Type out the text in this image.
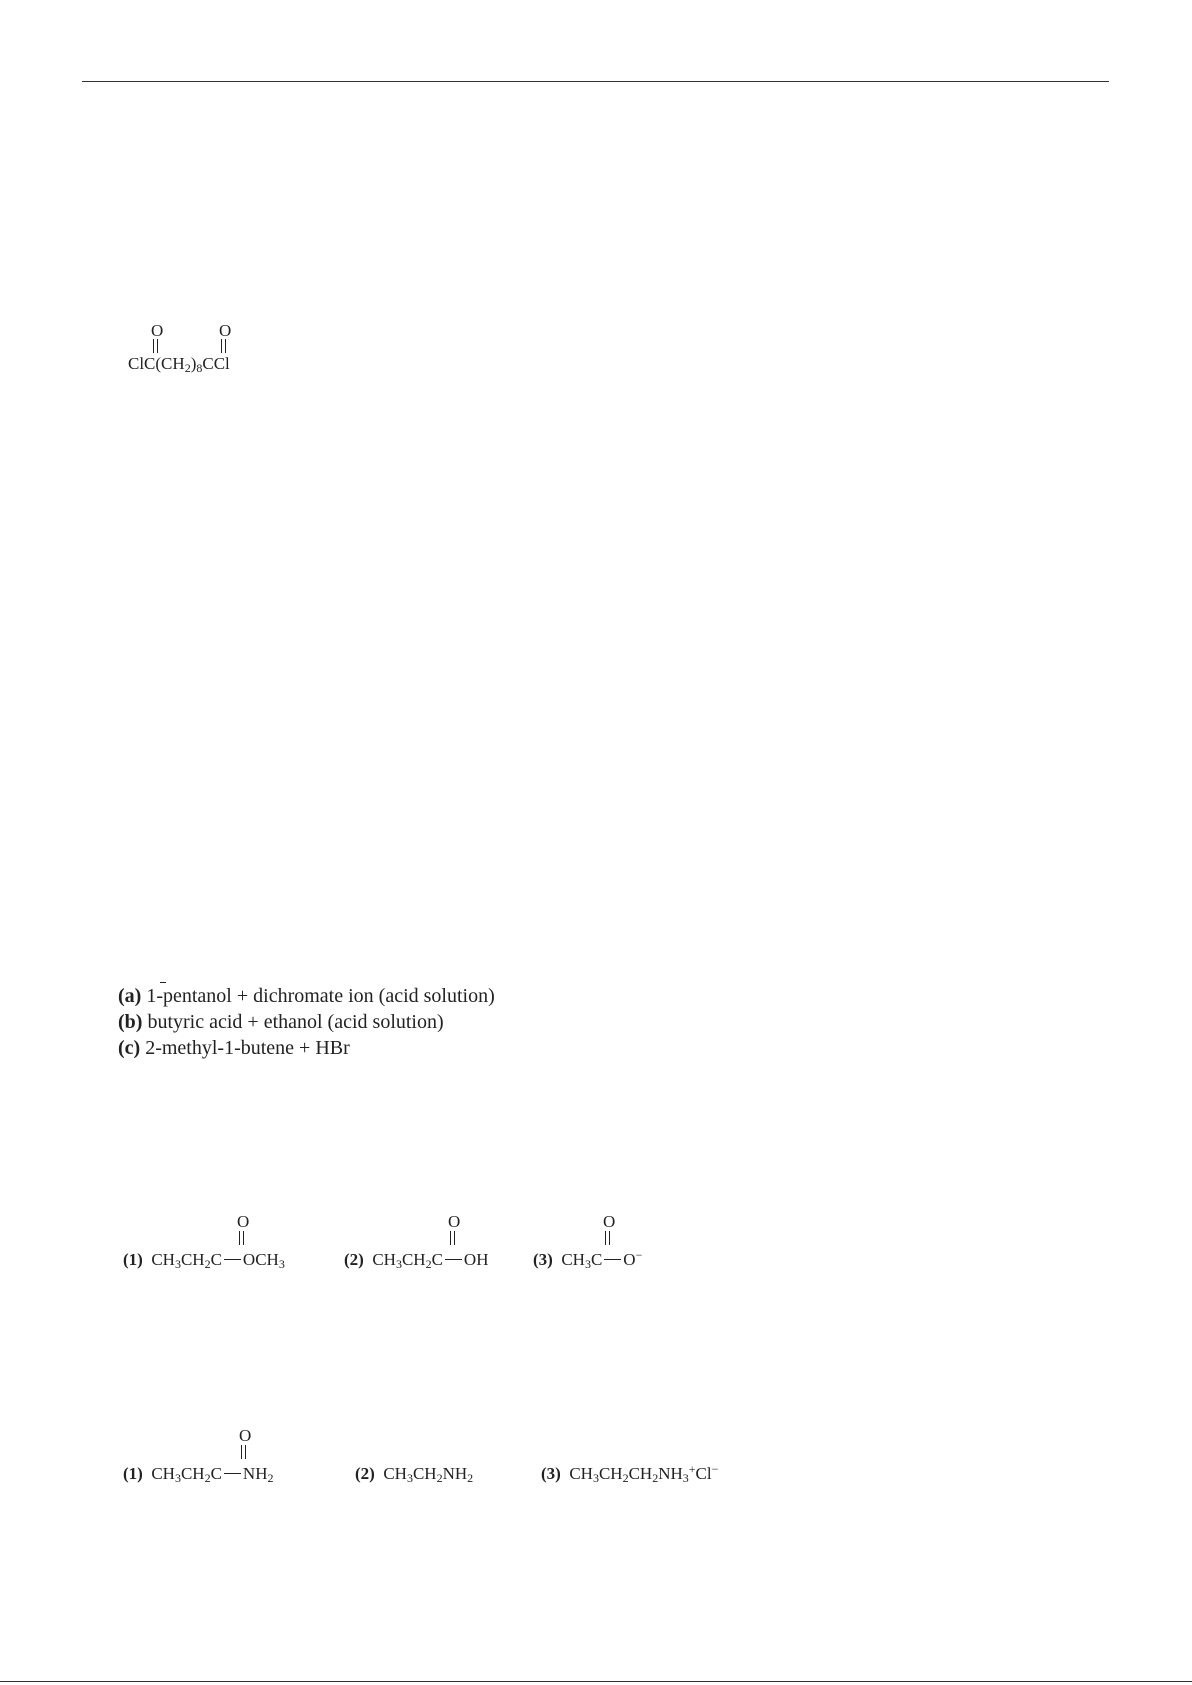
O	O
$ClC(CH_2)_8CCl$
(a) 1-pentanol + dichromate ion (acid solution)
(b) butyric acid + ethanol (acid solution)
(c) 2-methyl-1-butene + HBr
O	O	O
(1) $CH_3CH_2C$ $OCH_3$	(2) $CH_3CH_2C$ OH	(3) $CH_3C$ O−
O
(1) $CH_3CH_2C$ $NH_2$	(2) $CH_3CH_2NH_2$	(3) $CH_3CH_2CH_2NH_3^+Cl^-$
